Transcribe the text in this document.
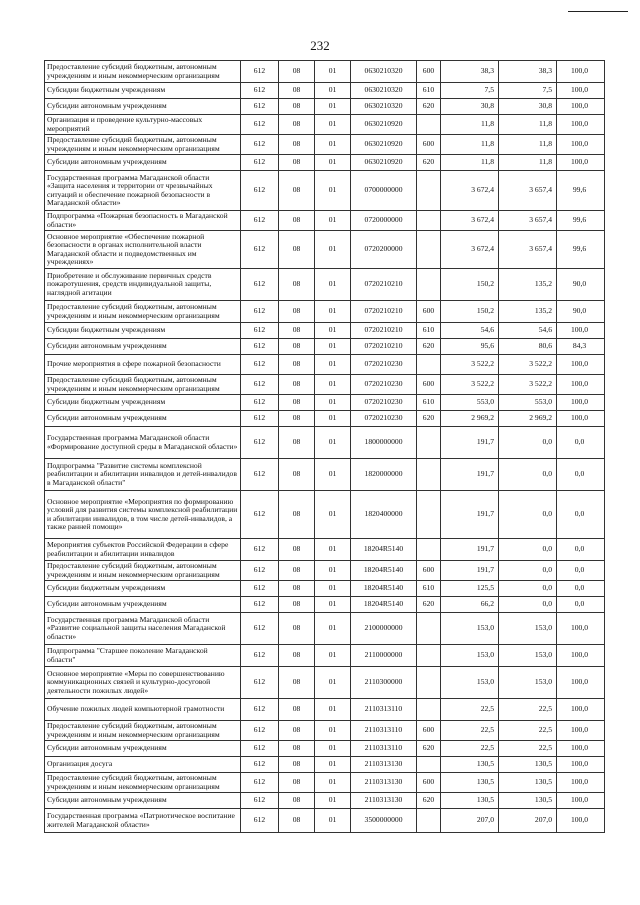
232
Предоставление субсидий бюджетным, автономным учреждениям и иным некоммерческим организациям	612	08	01	0630210320	600	38,3	38,3	100,0
Субсидии бюджетным учреждениям	612	08	01	0630210320	610	7,5	7,5	100,0
Субсидии автономным учреждениям	612	08	01	0630210320	620	30,8	30,8	100,0
Организация и проведение культурно-массовых мероприятий	612	08	01	0630210920		11,8	11,8	100,0
Предоставление субсидий бюджетным, автономным учреждениям и иным некоммерческим организациям	612	08	01	0630210920	600	11,8	11,8	100,0
Субсидии автономным учреждениям	612	08	01	0630210920	620	11,8	11,8	100,0
Государственная программа Магаданской области «Защита населения и территории от чрезвычайных ситуаций и обеспечение пожарной безопасности в Магаданской области»	612	08	01	0700000000		3 672,4	3 657,4	99,6
Подпрограмма «Пожарная безопасность в Магаданской области»	612	08	01	0720000000		3 672,4	3 657,4	99,6
Основное мероприятие «Обеспечение пожарной безопасности в органах исполнительной власти Магаданской области и подведомственных им учреждениях»	612	08	01	0720200000		3 672,4	3 657,4	99,6
Приобретение и обслуживание первичных средств пожаротушения, средств индивидуальной защиты, наглядной агитации	612	08	01	0720210210		150,2	135,2	90,0
Предоставление субсидий бюджетным, автономным учреждениям и иным некоммерческим организациям	612	08	01	0720210210	600	150,2	135,2	90,0
Субсидии бюджетным учреждениям	612	08	01	0720210210	610	54,6	54,6	100,0
Субсидии автономным учреждениям	612	08	01	0720210210	620	95,6	80,6	84,3
Прочие мероприятия в сфере пожарной безопасности	612	08	01	0720210230		3 522,2	3 522,2	100,0
Предоставление субсидий бюджетным, автономным учреждениям и иным некоммерческим организациям	612	08	01	0720210230	600	3 522,2	3 522,2	100,0
Субсидии бюджетным учреждениям	612	08	01	0720210230	610	553,0	553,0	100,0
Субсидии автономным учреждениям	612	08	01	0720210230	620	2 969,2	2 969,2	100,0
Государственная программа Магаданской области «Формирование доступной среды в Магаданской области»	612	08	01	1800000000		191,7	0,0	0,0
Подпрограмма "Развитие системы комплексной реабилитации и абилитации инвалидов и детей-инвалидов в Магаданской области"	612	08	01	1820000000		191,7	0,0	0,0
Основное мероприятие «Мероприятия по формированию условий для развития системы комплексной реабилитации и абилитации инвалидов, в том числе детей-инвалидов, а также ранней помощи»	612	08	01	1820400000		191,7	0,0	0,0
Мероприятия субъектов Российской Федерации в сфере реабилитации и абилитации инвалидов	612	08	01	18204R5140		191,7	0,0	0,0
Предоставление субсидий бюджетным, автономным учреждениям и иным некоммерческим организациям	612	08	01	18204R5140	600	191,7	0,0	0,0
Субсидии бюджетным учреждениям	612	08	01	18204R5140	610	125,5	0,0	0,0
Субсидии автономным учреждениям	612	08	01	18204R5140	620	66,2	0,0	0,0
Государственная программа Магаданской области «Развитие социальной защиты населения Магаданской области»	612	08	01	2100000000		153,0	153,0	100,0
Подпрограмма "Старшее поколение Магаданской области"	612	08	01	2110000000		153,0	153,0	100,0
Основное мероприятие «Меры по совершенствованию коммуникационных связей и культурно-досуговой деятельности пожилых людей»	612	08	01	2110300000		153,0	153,0	100,0
Обучение пожилых людей компьютерной грамотности	612	08	01	2110313110		22,5	22,5	100,0
Предоставление субсидий бюджетным, автономным учреждениям и иным некоммерческим организациям	612	08	01	2110313110	600	22,5	22,5	100,0
Субсидии автономным учреждениям	612	08	01	2110313110	620	22,5	22,5	100,0
Организация досуга	612	08	01	2110313130		130,5	130,5	100,0
Предоставление субсидий бюджетным, автономным учреждениям и иным некоммерческим организациям	612	08	01	2110313130	600	130,5	130,5	100,0
Субсидии автономным учреждениям	612	08	01	2110313130	620	130,5	130,5	100,0
Государственная программа «Патриотическое воспитание жителей Магаданской области»	612	08	01	3500000000		207,0	207,0	100,0
